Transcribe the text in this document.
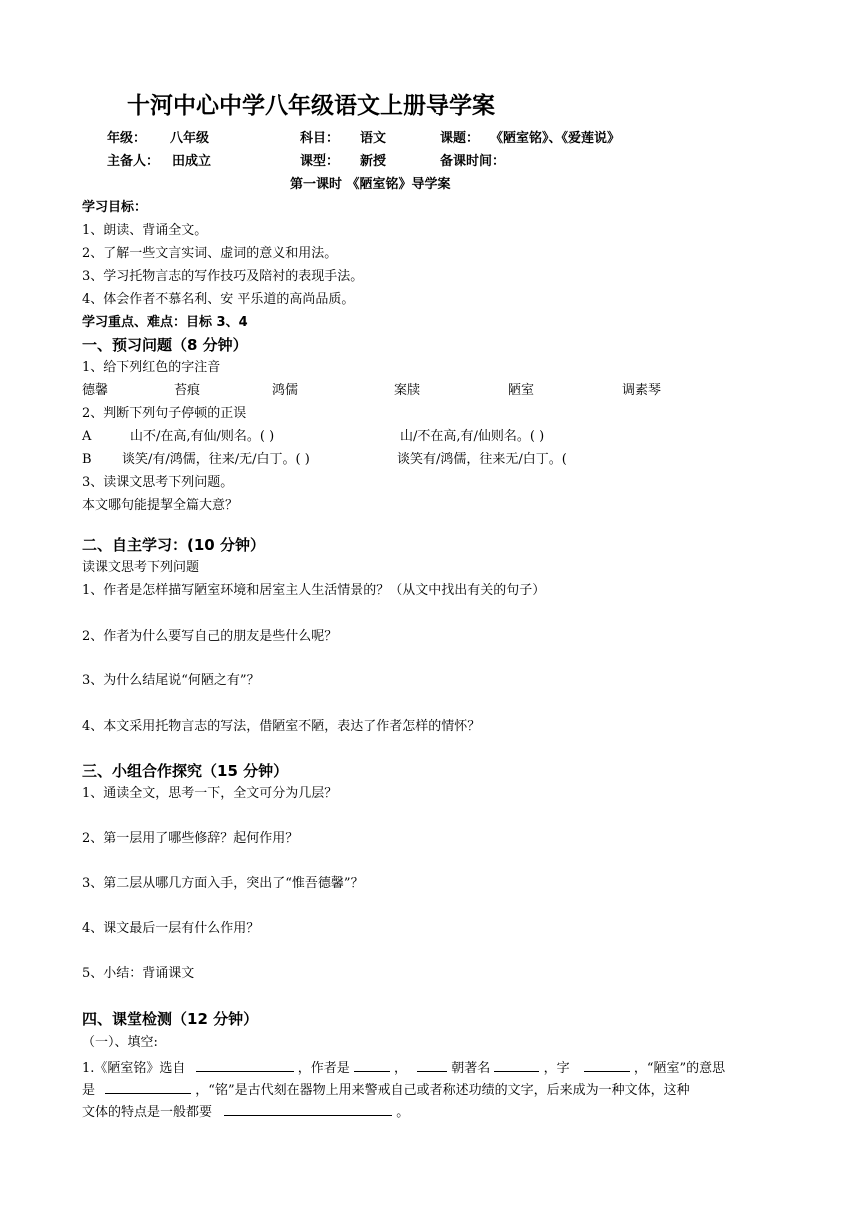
十河中心中学八年级语文上册导学案
年级： 八年级	科目： 语文	课题： 《陋室铭》、《爱莲说》
主备人： 田成立	课型： 新授	备课时间：
第一课时 《陋室铭》导学案
学习目标：
1、朗读、背诵全文。
2、了解一些文言实词、虚词的意义和用法。
3、学习托物言志的写作技巧及陪衬的表现手法。
4、体会作者不慕名利、安 平乐道的高尚品质。
学习重点、难点：目标 3、4
一、预习问题（8 分钟）
1、给下列红色的字注音
德馨	苔痕	鸿儒	案牍	陋室	调素琴
2、判断下列句子停顿的正误
A	山不/在高,有仙/则名。( )	山/不在高,有/仙则名。( )
B 谈笑/有/鸿儒，往来/无/白丁。( )	谈笑有/鸿儒，往来无/白丁。(
3、读课文思考下列问题。
本文哪句能提挈全篇大意？
二、自主学习：(10 分钟）
读课文思考下列问题
1、作者是怎样描写陋室环境和居室主人生活情景的？（从文中找出有关的句子）
2、作者为什么要写自己的朋友是些什么呢？
3、为什么结尾说“何陋之有”？
4、本文采用托物言志的写法，借陋室不陋，表达了作者怎样的情怀？
三、小组合作探究（15 分钟）
1、通读全文，思考一下，全文可分为几层？
2、第一层用了哪些修辞？起何作用？
3、第二层从哪几方面入手，突出了“惟吾德馨”？
4、课文最后一层有什么作用？
5、小结：背诵课文
四、课堂检测（12 分钟）
（一）、填空:
1.《陋室铭》选自	，作者是	，	朝著名	，字	，“陋室”的意思
是	，“铭”是古代刻在器物上用来警戒自己或者称述功绩的文字，后来成为一种文体，这种
文体的特点是一般都要	。
